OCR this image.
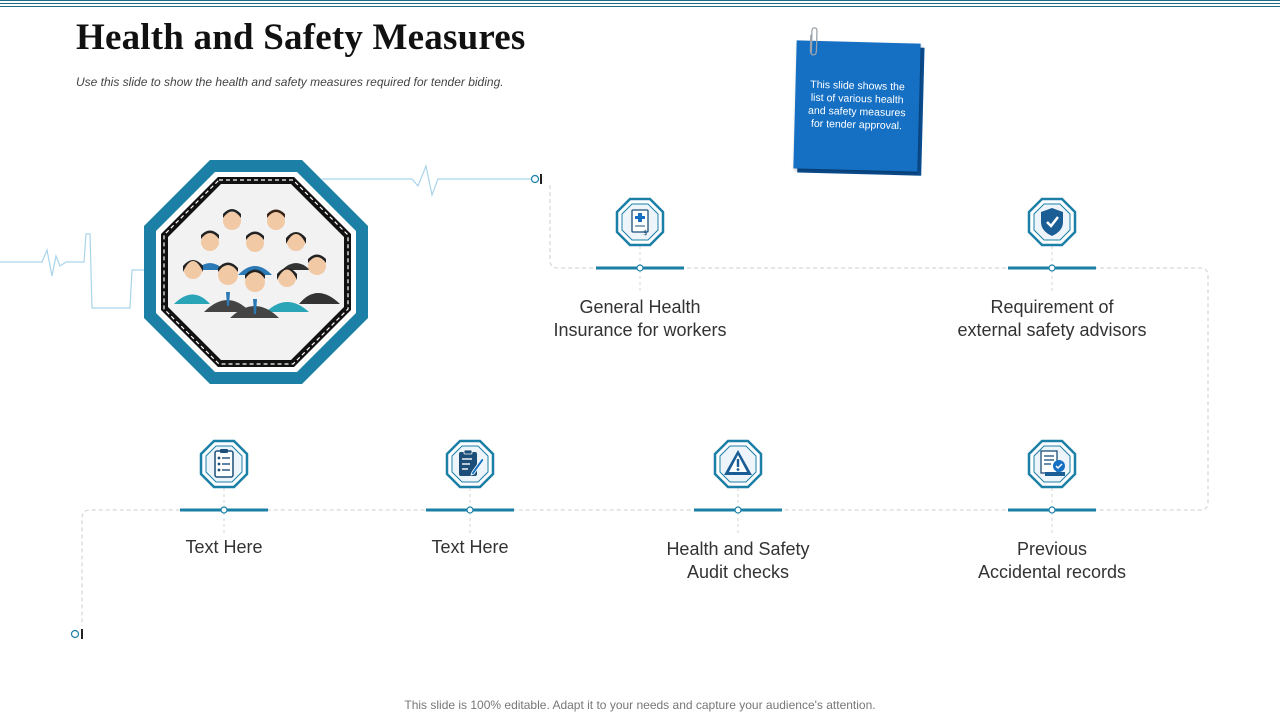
Health and Safety Measures
Use this slide to show the health and safety measures required for tender biding.	This slide shows the list of various health and safety measures for tender approval.
$
General Health
Insurance for workers
Requirement of
external safety advisors
Text Here	Text Here	Health and Safety
Audit checks
Previous
Accidental records
This slide is 100% editable. Adapt it to your needs and capture your audience's attention.
